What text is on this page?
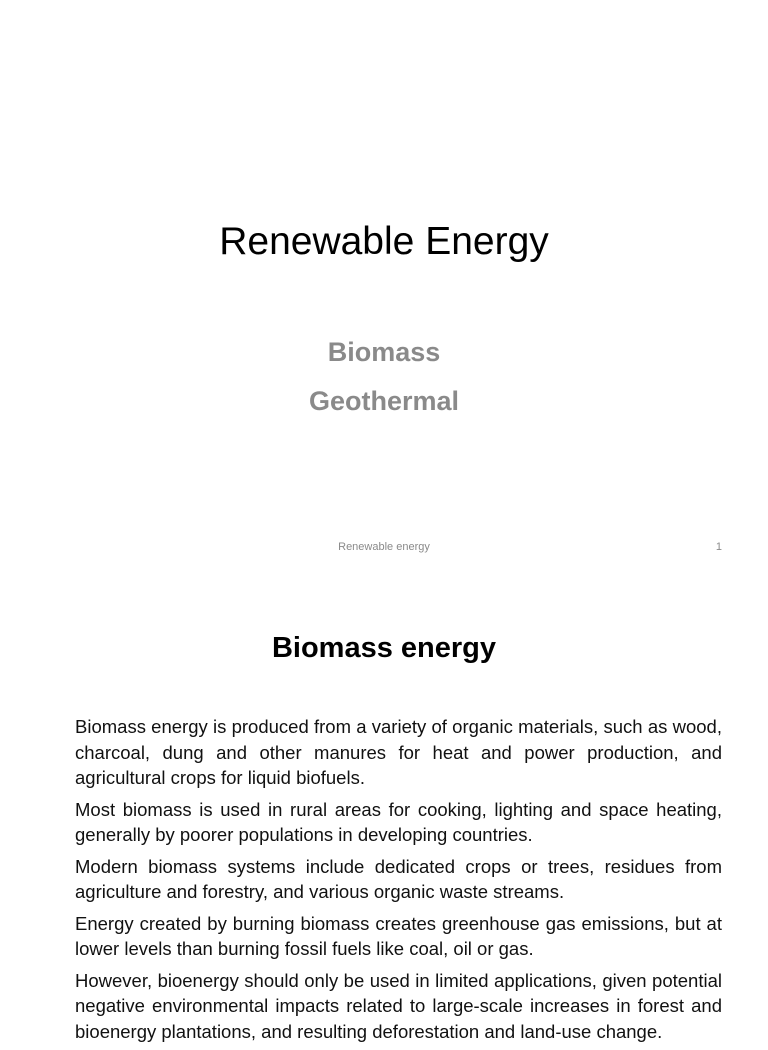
Renewable Energy
Biomass
Geothermal
Renewable energy	1
Biomass energy

Biomass energy is produced from a variety of organic materials, such as wood, charcoal, dung and other manures for heat and power production, and agricultural crops for liquid biofuels.

Most biomass is used in rural areas for cooking, lighting and space heating, generally by poorer populations in developing countries.

Modern biomass systems include dedicated crops or trees, residues from agriculture and forestry, and various organic waste streams.

Energy created by burning biomass creates greenhouse gas emissions, but at lower levels than burning fossil fuels like coal, oil or gas.

However, bioenergy should only be used in limited applications, given potential negative environmental impacts related to large-scale increases in forest and bioenergy plantations, and resulting deforestation and land-use change.
